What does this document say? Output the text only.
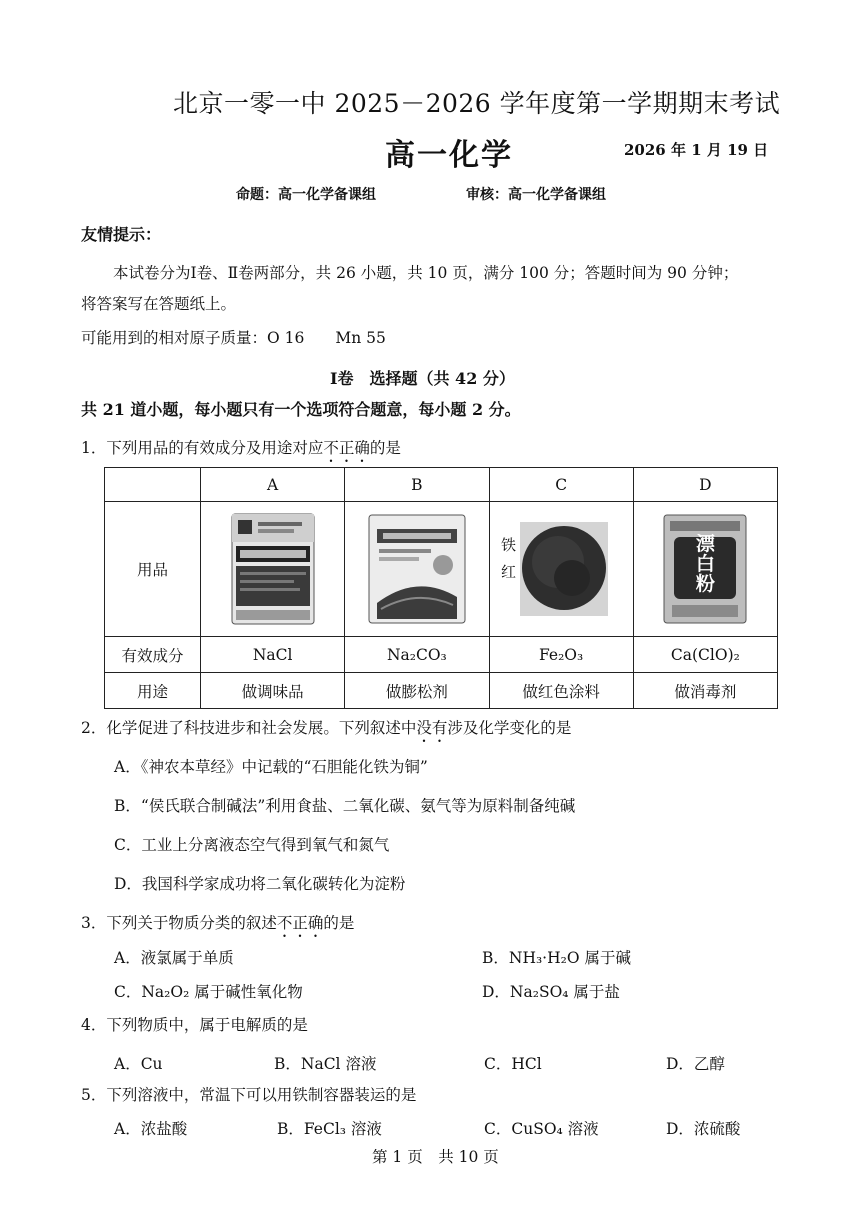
北京一零一中 2025－2026 学年度第一学期期末考试
高一化学	2026 年 1 月 19 日
命题：高一化学备课组	审核：高一化学备课组
友情提示：
本试卷分为Ⅰ卷、Ⅱ卷两部分，共 26 小题，共 10 页，满分 100 分；答题时间为 90 分钟；
将答案写在答题纸上。
可能用到的相对原子质量：O 16　　Mn 55
Ⅰ卷　选择题（共 42 分）
共 21 道小题，每小题只有一个选项符合题意，每小题 2 分。
1．下列用品的有效成分及用途对应不正确的是
	A	B	C	D
用品			铁红	漂白粉

有效成分	NaCl	Na₂CO₃	Fe₂O₃	Ca(ClO)₂
用途	做调味品	做膨松剂	做红色涂料	做消毒剂
2．化学促进了科技进步和社会发展。下列叙述中没有涉及化学变化的是
A．《神农本草经》中记载的“石胆能化铁为铜”
B．“侯氏联合制碱法”利用食盐、二氧化碳、氨气等为原料制备纯碱
C．工业上分离液态空气得到氧气和氮气
D．我国科学家成功将二氧化碳转化为淀粉
3．下列关于物质分类的叙述不正确的是
A．液氯属于单质	B．NH₃·H₂O 属于碱
C．Na₂O₂ 属于碱性氧化物	D．Na₂SO₄ 属于盐
4．下列物质中，属于电解质的是
A．Cu	B．NaCl 溶液	C．HCl	D．乙醇
5．下列溶液中，常温下可以用铁制容器装运的是
A．浓盐酸	B．FeCl₃ 溶液	C．CuSO₄ 溶液	D．浓硫酸
第 1 页　共 10 页
